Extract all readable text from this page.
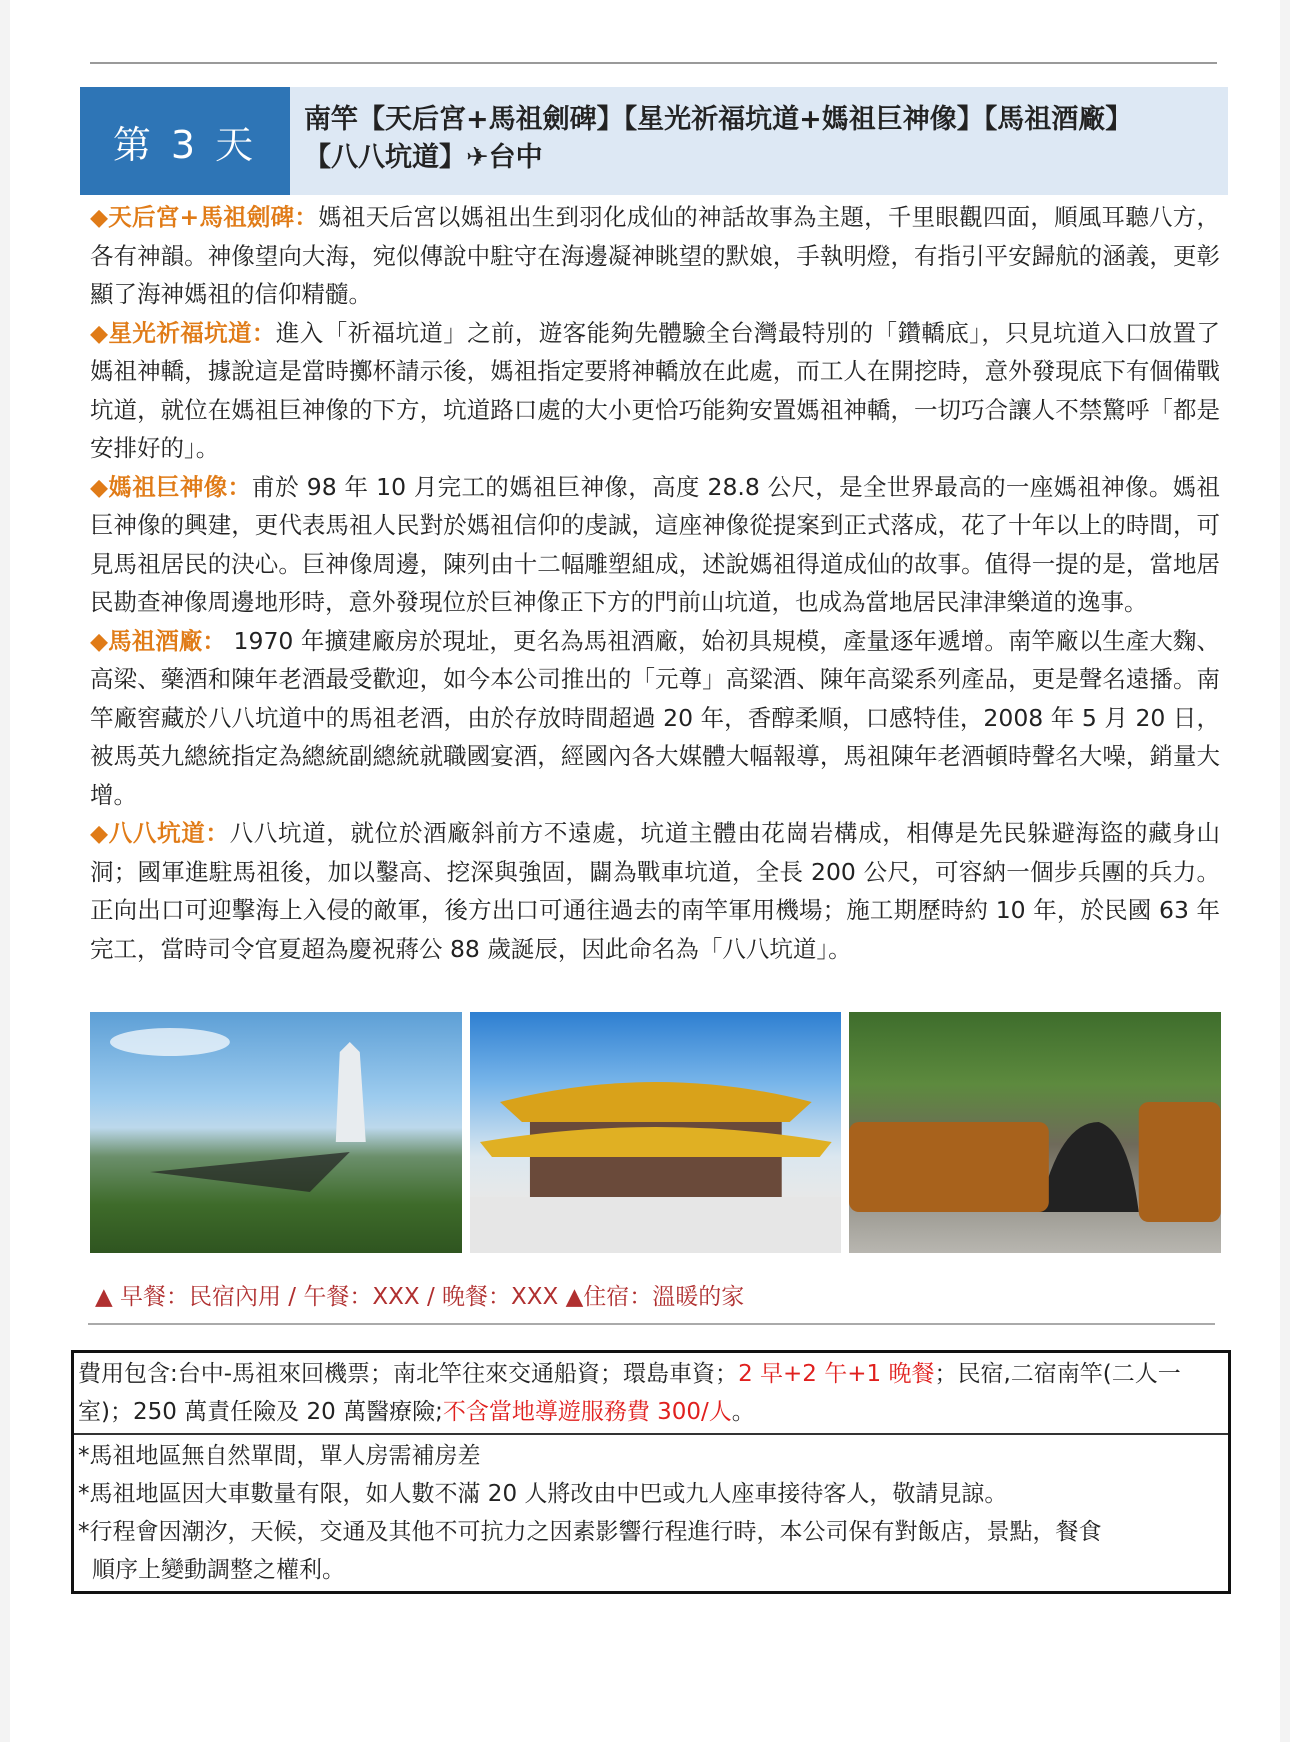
第 3 天
南竿【天后宮+馬祖劍碑】【星光祈福坑道+媽祖巨神像】【馬祖酒廠】
【八八坑道】✈台中

◆天后宮+馬祖劍碑：媽祖天后宮以媽祖出生到羽化成仙的神話故事為主題，千里眼觀四面，順風耳聽八方，各有神韻。神像望向大海，宛似傳說中駐守在海邊凝神眺望的默娘，手執明燈，有指引平安歸航的涵義，更彰顯了海神媽祖的信仰精髓。

◆星光祈福坑道：進入「祈福坑道」之前，遊客能夠先體驗全台灣最特別的「鑽轎底」，只見坑道入口放置了媽祖神轎，據說這是當時擲杯請示後，媽祖指定要將神轎放在此處，而工人在開挖時，意外發現底下有個備戰坑道，就位在媽祖巨神像的下方，坑道路口處的大小更恰巧能夠安置媽祖神轎，一切巧合讓人不禁驚呼「都是安排好的」。

◆媽祖巨神像：甫於 98 年 10 月完工的媽祖巨神像，高度 28.8 公尺，是全世界最高的一座媽祖神像。媽祖巨神像的興建，更代表馬祖人民對於媽祖信仰的虔誠，這座神像從提案到正式落成，花了十年以上的時間，可見馬祖居民的決心。巨神像周邊，陳列由十二幅雕塑組成，述說媽祖得道成仙的故事。值得一提的是，當地居民勘查神像周邊地形時，意外發現位於巨神像正下方的門前山坑道，也成為當地居民津津樂道的逸事。

◆馬祖酒廠： 1970 年擴建廠房於現址，更名為馬祖酒廠，始初具規模，產量逐年遞增。南竿廠以生產大麴、高梁、藥酒和陳年老酒最受歡迎，如今本公司推出的「元尊」高粱酒、陳年高粱系列產品，更是聲名遠播。南竿廠窖藏於八八坑道中的馬祖老酒，由於存放時間超過 20 年，香醇柔順，口感特佳，2008 年 5 月 20 日，被馬英九總統指定為總統副總統就職國宴酒，經國內各大媒體大幅報導，馬祖陳年老酒頓時聲名大噪，銷量大增。

◆八八坑道：八八坑道，就位於酒廠斜前方不遠處，坑道主體由花崗岩構成，相傳是先民躲避海盜的藏身山洞；國軍進駐馬祖後，加以鑿高、挖深與強固，闢為戰車坑道，全長 200 公尺，可容納一個步兵團的兵力。正向出口可迎擊海上入侵的敵軍，後方出口可通往過去的南竿軍用機場；施工期歷時約 10 年，於民國 63 年完工，當時司令官夏超為慶祝蔣公 88 歲誕辰，因此命名為「八八坑道」。

▲ 早餐：民宿內用 / 午餐：XXX / 晚餐：XXX ▲住宿：溫暖的家
費用包含:台中-馬祖來回機票；南北竿往來交通船資；環島車資；2 早+2 午+1 晚餐；民宿,二宿南竿(二人一室)；250 萬責任險及 20 萬醫療險;不含當地導遊服務費 300/人。
*馬祖地區無自然單間，單人房需補房差
*馬祖地區因大車數量有限，如人數不滿 20 人將改由中巴或九人座車接待客人，敬請見諒。
*行程會因潮汐，天候，交通及其他不可抗力之因素影響行程進行時，本公司保有對飯店，景點，餐食
順序上變動調整之權利。
